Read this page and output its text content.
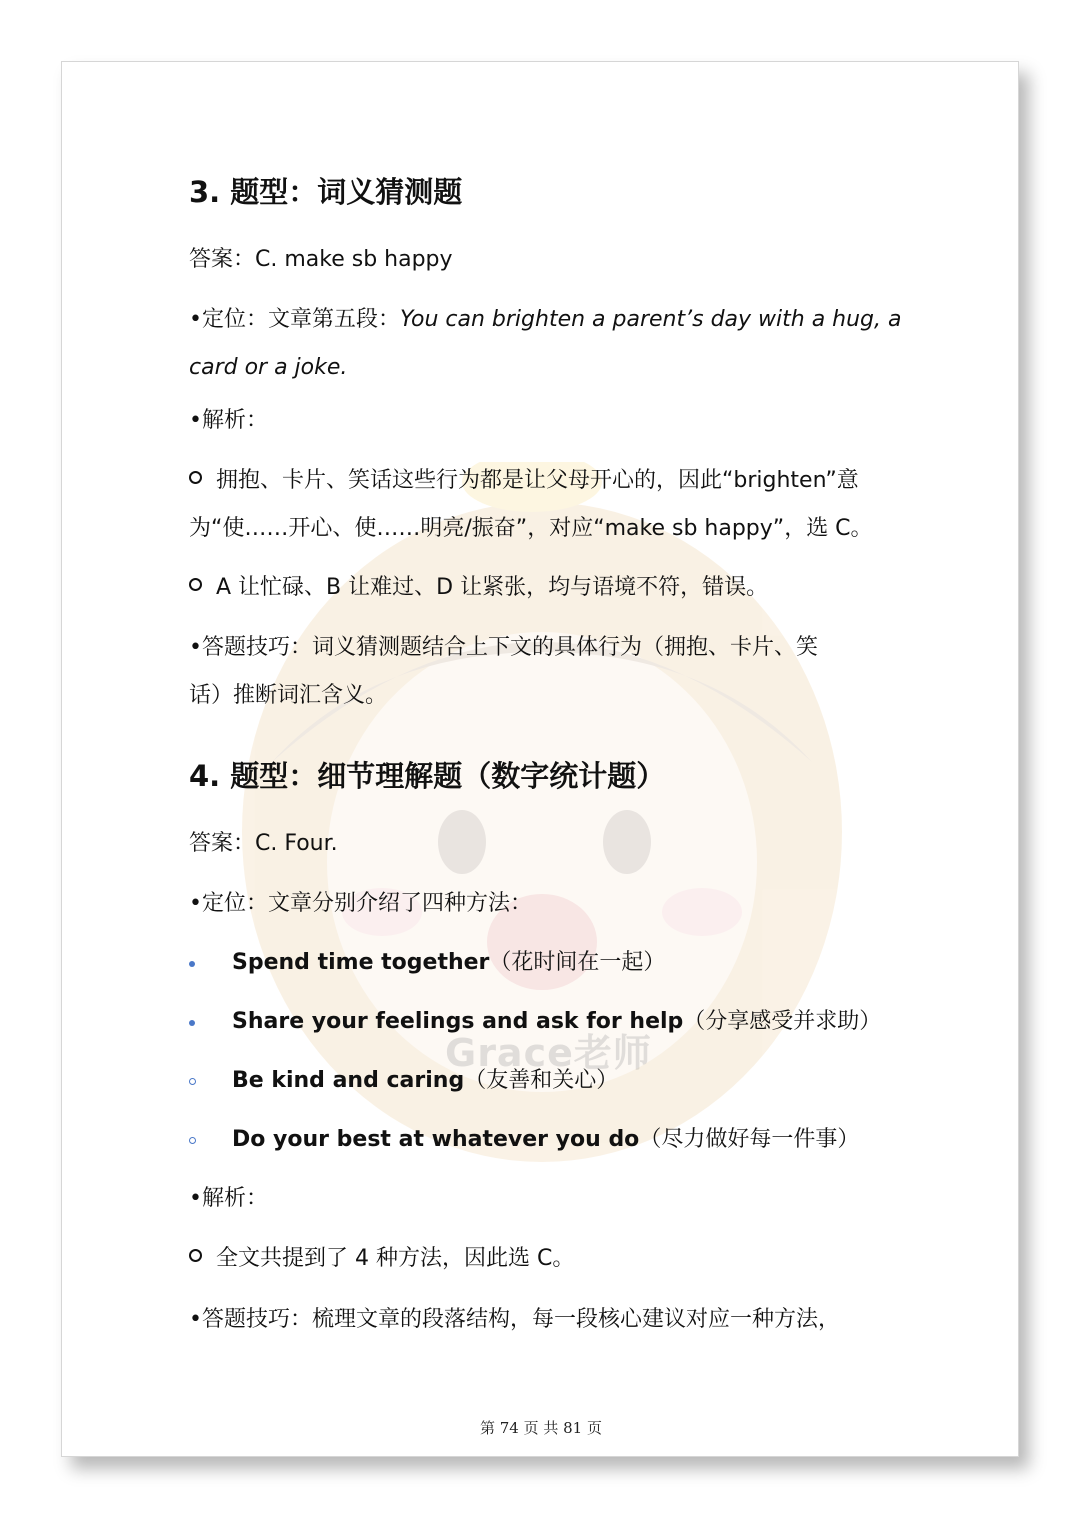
Grace老师
3. 题型：词义猜测题
答案：C. make sb happy
•定位：文章第五段：You can brighten a parent’s day with a hug, a
card or a joke.
•解析：
拥抱、卡片、笑话这些行为都是让父母开心的，因此“brighten”意
为“使……开心、使……明亮/振奋”，对应“make sb happy”，选 C。
A 让忙碌、B 让难过、D 让紧张，均与语境不符，错误。
•答题技巧：词义猜测题结合上下文的具体行为（拥抱、卡片、笑
话）推断词汇含义。
4. 题型：细节理解题（数字统计题）
答案：C. Four.
•定位：文章分别介绍了四种方法：
Spend time together（花时间在一起）
Share your feelings and ask for help（分享感受并求助）
Be kind and caring（友善和关心）
Do your best at whatever you do（尽力做好每一件事）
•解析：
全文共提到了 4 种方法，因此选 C。
•答题技巧：梳理文章的段落结构，每一段核心建议对应一种方法，
第 74 页 共 81 页
